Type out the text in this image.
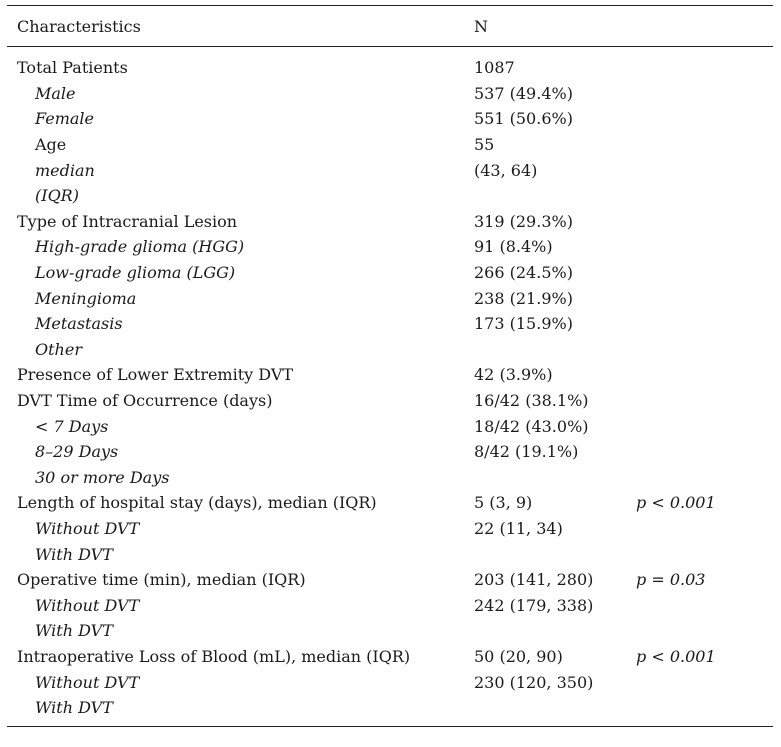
Characteristics	N
Total Patients	1087
Male	537 (49.4%)
Female	551 (50.6%)
Age	55
median	(43, 64)
(IQR)
Type of Intracranial Lesion	319 (29.3%)
High-grade glioma (HGG)	91 (8.4%)
Low-grade glioma (LGG)	266 (24.5%)
Meningioma	238 (21.9%)
Metastasis	173 (15.9%)
Other
Presence of Lower Extremity DVT	42 (3.9%)
DVT Time of Occurrence (days)	16/42 (38.1%)
< 7 Days	18/42 (43.0%)
8–29 Days	8/42 (19.1%)
30 or more Days
Length of hospital stay (days), median (IQR)	5 (3, 9)	p < 0.001
Without DVT	22 (11, 34)
With DVT
Operative time (min), median (IQR)	203 (141, 280)	p = 0.03
Without DVT	242 (179, 338)
With DVT
Intraoperative Loss of Blood (mL), median (IQR)	50 (20, 90)	p < 0.001
Without DVT	230 (120, 350)
With DVT
